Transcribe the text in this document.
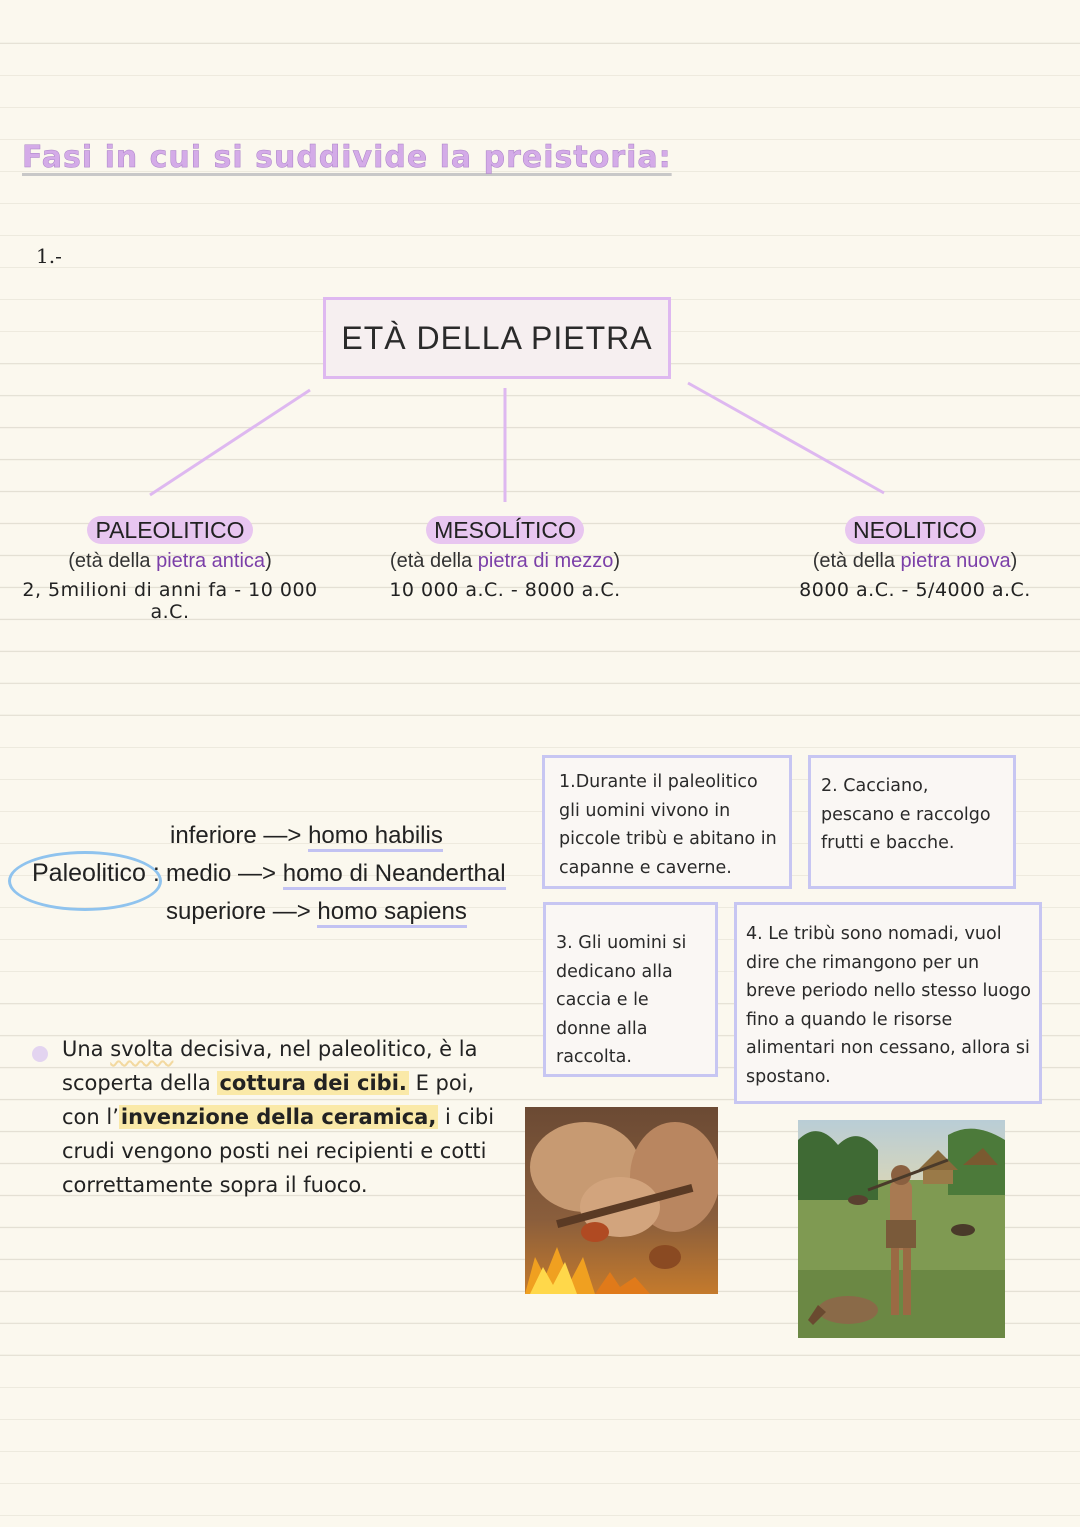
Fasi in cui si suddivide la preistoria:
1.-
ETÀ DELLA PIETRA
PALEOLITICO
(età della pietra antica)
2, 5milioni di anni fa - 10 000 a.C.
MESOLÍTICO
(età della pietra di mezzo)
10 000 a.C. - 8000 a.C.
NEOLITICO
(età della pietra nuova)
8000 a.C. - 5/4000 a.C.
Paleolitico :
inferiore —> homo habilis
medio —> homo di Neanderthal
superiore —> homo sapiens
1.Durante il paleolitico gli uomini vivono in piccole tribù e abitano in capanne e caverne.
2. Cacciano, pescano e raccolgo frutti e bacche.
3. Gli uomini si dedicano alla caccia e le donne alla raccolta.
4. Le tribù sono nomadi, vuol dire che rimangono per un breve periodo nello stesso luogo fino a quando le risorse alimentari non cessano, allora si spostano.
Una svolta decisiva, nel paleolitico, è la scoperta della cottura dei cibi. E poi, con l’invenzione della ceramica, i cibi crudi vengono posti nei recipienti e cotti correttamente sopra il fuoco.
